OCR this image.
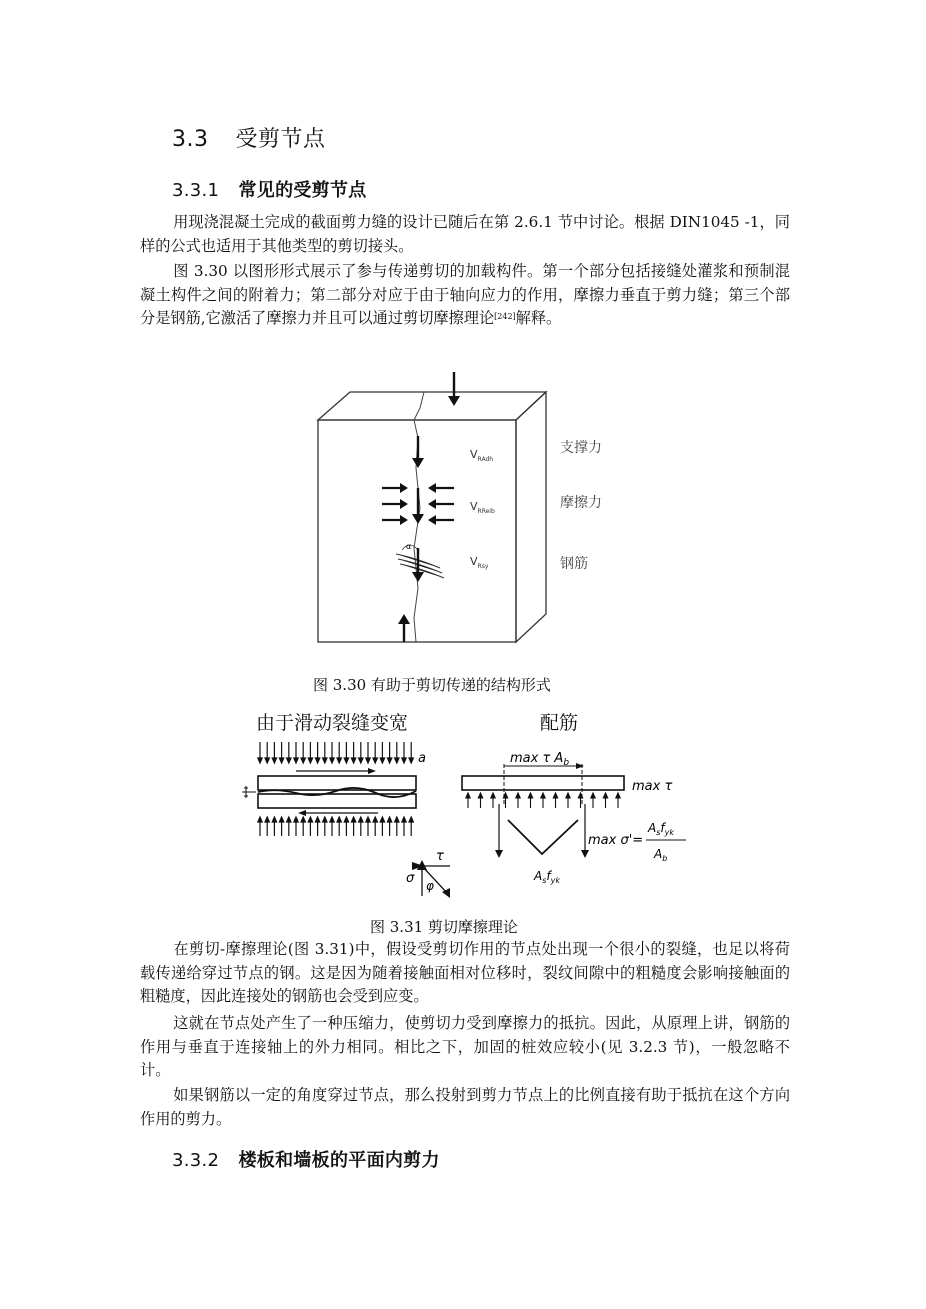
3.3 受剪节点
3.3.1 常见的受剪节点
用现浇混凝土完成的截面剪力缝的设计已随后在第 2.6.1 节中讨论。根据 DIN1045 -1，同样的公式也适用于其他类型的剪切接头。
图 3.30 以图形形式展示了参与传递剪切的加载构件。第一个部分包括接缝处灌浆和预制混凝土构件之间的附着力；第二部分对应于由于轴向应力的作用，摩擦力垂直于剪力缝；第三个部分是钢筋,它激活了摩擦力并且可以通过剪切摩擦理论[242]解释。
α
$V_{RAdh}$
$V_{RReib}$
$V_{Rsy}$
支撑力
摩擦力
钢筋
图 3.30 有助于剪切传递的结构形式
由于滑动裂缝变宽	配筋
a	max τ $A_b$
max τ
$A_sf_{yk}$
max σ'=
$A_sf_{yk}$
$A_b$
τ
σ φ
图 3.31 剪切摩擦理论
在剪切-摩擦理论(图 3.31)中，假设受剪切作用的节点处出现一个很小的裂缝，也足以将荷载传递给穿过节点的钢。这是因为随着接触面相对位移时，裂纹间隙中的粗糙度会影响接触面的粗糙度，因此连接处的钢筋也会受到应变。
这就在节点处产生了一种压缩力，使剪切力受到摩擦力的抵抗。因此，从原理上讲，钢筋的作用与垂直于连接轴上的外力相同。相比之下，加固的桩效应较小(见 3.2.3 节)，一般忽略不计。
如果钢筋以一定的角度穿过节点，那么投射到剪力节点上的比例直接有助于抵抗在这个方向作用的剪力。
3.3.2 楼板和墙板的平面内剪力
